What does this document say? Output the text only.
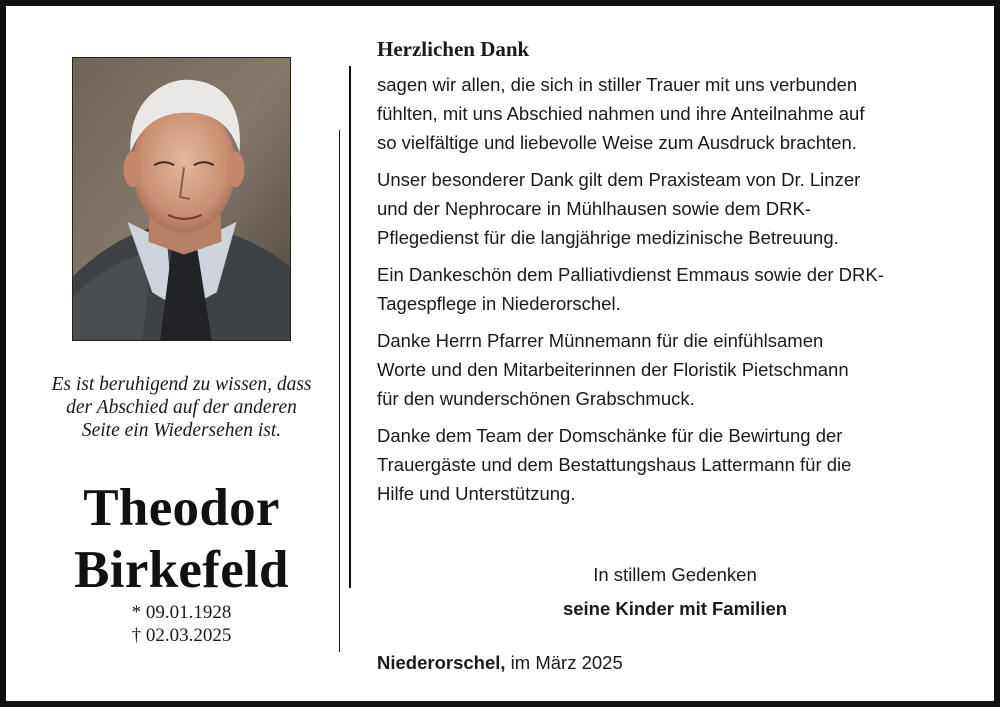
Es ist beruhigend zu wissen, dass
der Abschied auf der anderen
Seite ein Wiedersehen ist.
Theodor
Birkefeld
* 09.01.1928
† 02.03.2025
Herzlichen Dank
sagen wir allen, die sich in stiller Trauer mit uns verbunden
fühlten, mit uns Abschied nahmen und ihre Anteilnahme auf
so vielfältige und liebevolle Weise zum Ausdruck brachten.
Unser besonderer Dank gilt dem Praxisteam von Dr. Linzer
und der Nephrocare in Mühlhausen sowie dem DRK-
Pflegedienst für die langjährige medizinische Betreuung.
Ein Dankeschön dem Palliativdienst Emmaus sowie der DRK-
Tagespflege in Niederorschel.
Danke Herrn Pfarrer Münnemann für die einfühlsamen
Worte und den Mitarbeiterinnen der Floristik Pietschmann
für den wunderschönen Grabschmuck.
Danke dem Team der Domschänke für die Bewirtung der
Trauergäste und dem Bestattungshaus Lattermann für die
Hilfe und Unterstützung.
In stillem Gedenken
seine Kinder mit Familien
Niederorschel, im März 2025
